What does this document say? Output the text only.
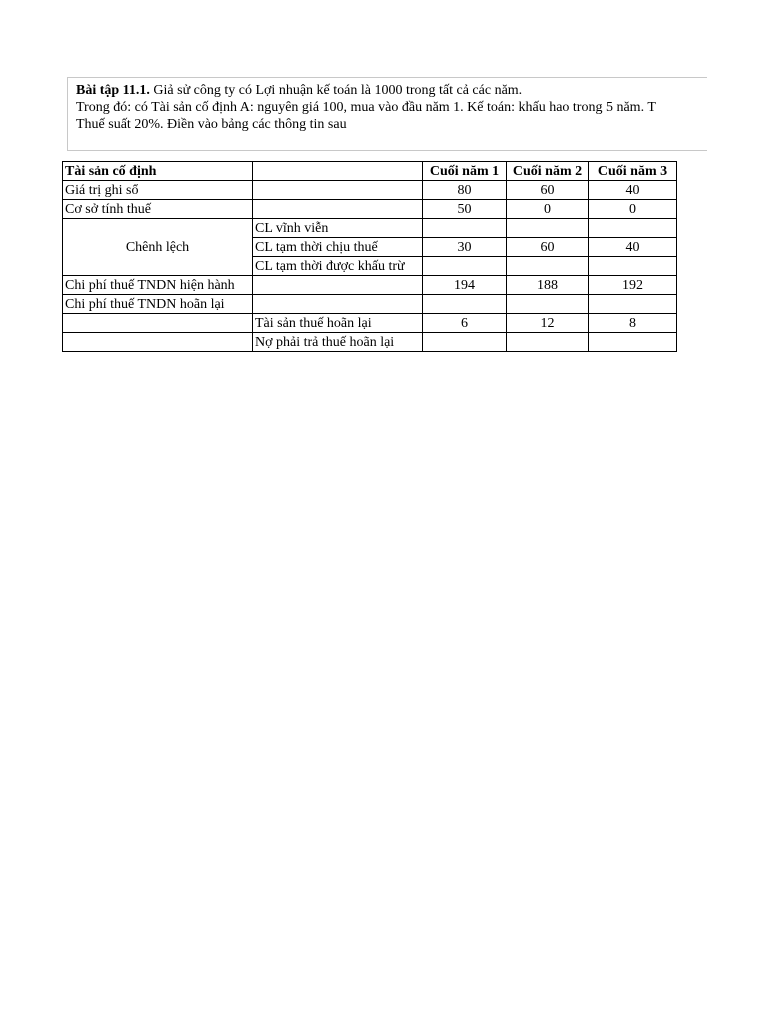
Bài tập 11.1. Giả sử công ty có Lợi nhuận kế toán là 1000 trong tất cả các năm.
Trong đó: có Tài sản cố định A: nguyên giá 100, mua vào đầu năm 1. Kế toán: khấu hao trong 5 năm. T
Thuế suất 20%. Điền vào bảng các thông tin sau
Tài sản cố định		Cuối năm 1	Cuối năm 2	Cuối năm 3
Giá trị ghi sổ		80	60	40
Cơ sở tính thuế		50	0	0
Chênh lệch	CL vĩnh viễn			
	CL tạm thời chịu thuế	30	60	40
	CL tạm thời được khấu trừ			
Chi phí thuế TNDN hiện hành		194	188	192
Chi phí thuế TNDN hoãn lại				
	Tài sản thuế hoãn lại	6	12	8
	Nợ phải trả thuế hoãn lại			
